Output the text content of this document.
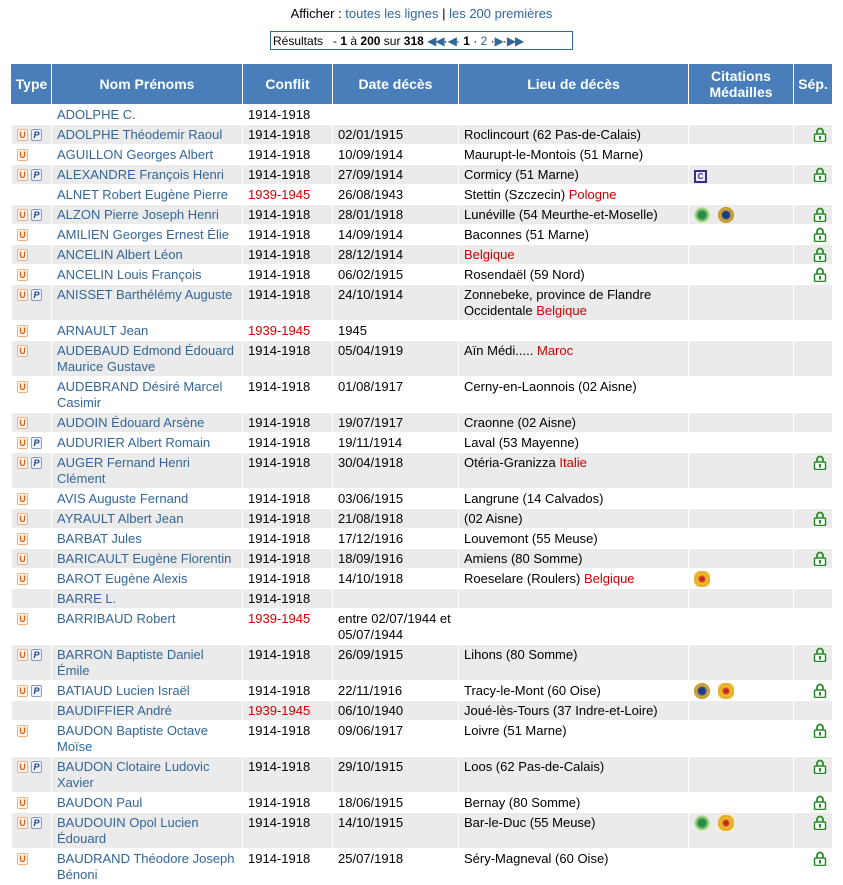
Afficher : toutes les lignes | les 200 premières
Résultats   - 1 à 200 sur 318 ◀◀·◀· 1 · 2 ·▶·▶▶
Type	Nom Prénoms	Conflit	Date décès	Lieu de décès	Citations
Médailles	Sép.
	ADOLPHE C.	1914-1918				
U P	ADOLPHE Théodemir Raoul	1914-1918	02/01/1915	Roclincourt (62 Pas-de-Calais)		
U	AGUILLON Georges Albert	1914-1918	10/09/1914	Maurupt-le-Montois (51 Marne)		
U P	ALEXANDRE François Henri	1914-1918	27/09/1914	Cormicy (51 Marne)	C	
	ALNET Robert Eugène Pierre	1939-1945	26/08/1943	Stettin (Szczecin) Pologne		
U P	ALZON Pierre Joseph Henri	1914-1918	28/01/1918	Lunéville (54 Meurthe-et-Moselle)		
U	AMILIEN Georges Ernest Élie	1914-1918	14/09/1914	Baconnes (51 Marne)		
U	ANCELIN Albert Léon	1914-1918	28/12/1914	Belgique		
U	ANCELIN Louis François	1914-1918	06/02/1915	Rosendaël (59 Nord)		
U P	ANISSET Barthélémy Auguste	1914-1918	24/10/1914	Zonnebeke, province de Flandre Occidentale Belgique		
U	ARNAULT Jean	1939-1945	1945			
U	AUDEBAUD Edmond Édouard Maurice Gustave	1914-1918	05/04/1919	Aïn Médi..... Maroc		
U	AUDEBRAND Désiré Marcel Casimir	1914-1918	01/08/1917	Cerny-en-Laonnois (02 Aisne)		
U	AUDOIN Édouard Arsène	1914-1918	19/07/1917	Craonne (02 Aisne)		
U P	AUDURIER Albert Romain	1914-1918	19/11/1914	Laval (53 Mayenne)		
U P	AUGER Fernand Henri Clément	1914-1918	30/04/1918	Otéria-Granizza Italie		
U	AVIS Auguste Fernand	1914-1918	03/06/1915	Langrune (14 Calvados)		
U	AYRAULT Albert Jean	1914-1918	21/08/1918	(02 Aisne)		
U	BARBAT Jules	1914-1918	17/12/1916	Louvemont (55 Meuse)		
U	BARICAULT Eugène Florentin	1914-1918	18/09/1916	Amiens (80 Somme)		
U	BAROT Eugène Alexis	1914-1918	14/10/1918	Roeselare (Roulers) Belgique		
	BARRE L.	1914-1918				
U	BARRIBAUD Robert	1939-1945	entre 02/07/1944 et 05/07/1944			
U P	BARRON Baptiste Daniel Émile	1914-1918	26/09/1915	Lihons (80 Somme)		
U P	BATIAUD Lucien Israël	1914-1918	22/11/1916	Tracy-le-Mont (60 Oise)		
	BAUDIFFIER André	1939-1945	06/10/1940	Joué-lès-Tours (37 Indre-et-Loire)		
U	BAUDON Baptiste Octave Moïse	1914-1918	09/06/1917	Loivre (51 Marne)		
U P	BAUDON Clotaire Ludovic Xavier	1914-1918	29/10/1915	Loos (62 Pas-de-Calais)		
U	BAUDON Paul	1914-1918	18/06/1915	Bernay (80 Somme)		
U P	BAUDOUIN Opol Lucien Édouard	1914-1918	14/10/1915	Bar-le-Duc (55 Meuse)		
U	BAUDRAND Théodore Joseph Bénoni	1914-1918	25/07/1918	Séry-Magneval (60 Oise)		
